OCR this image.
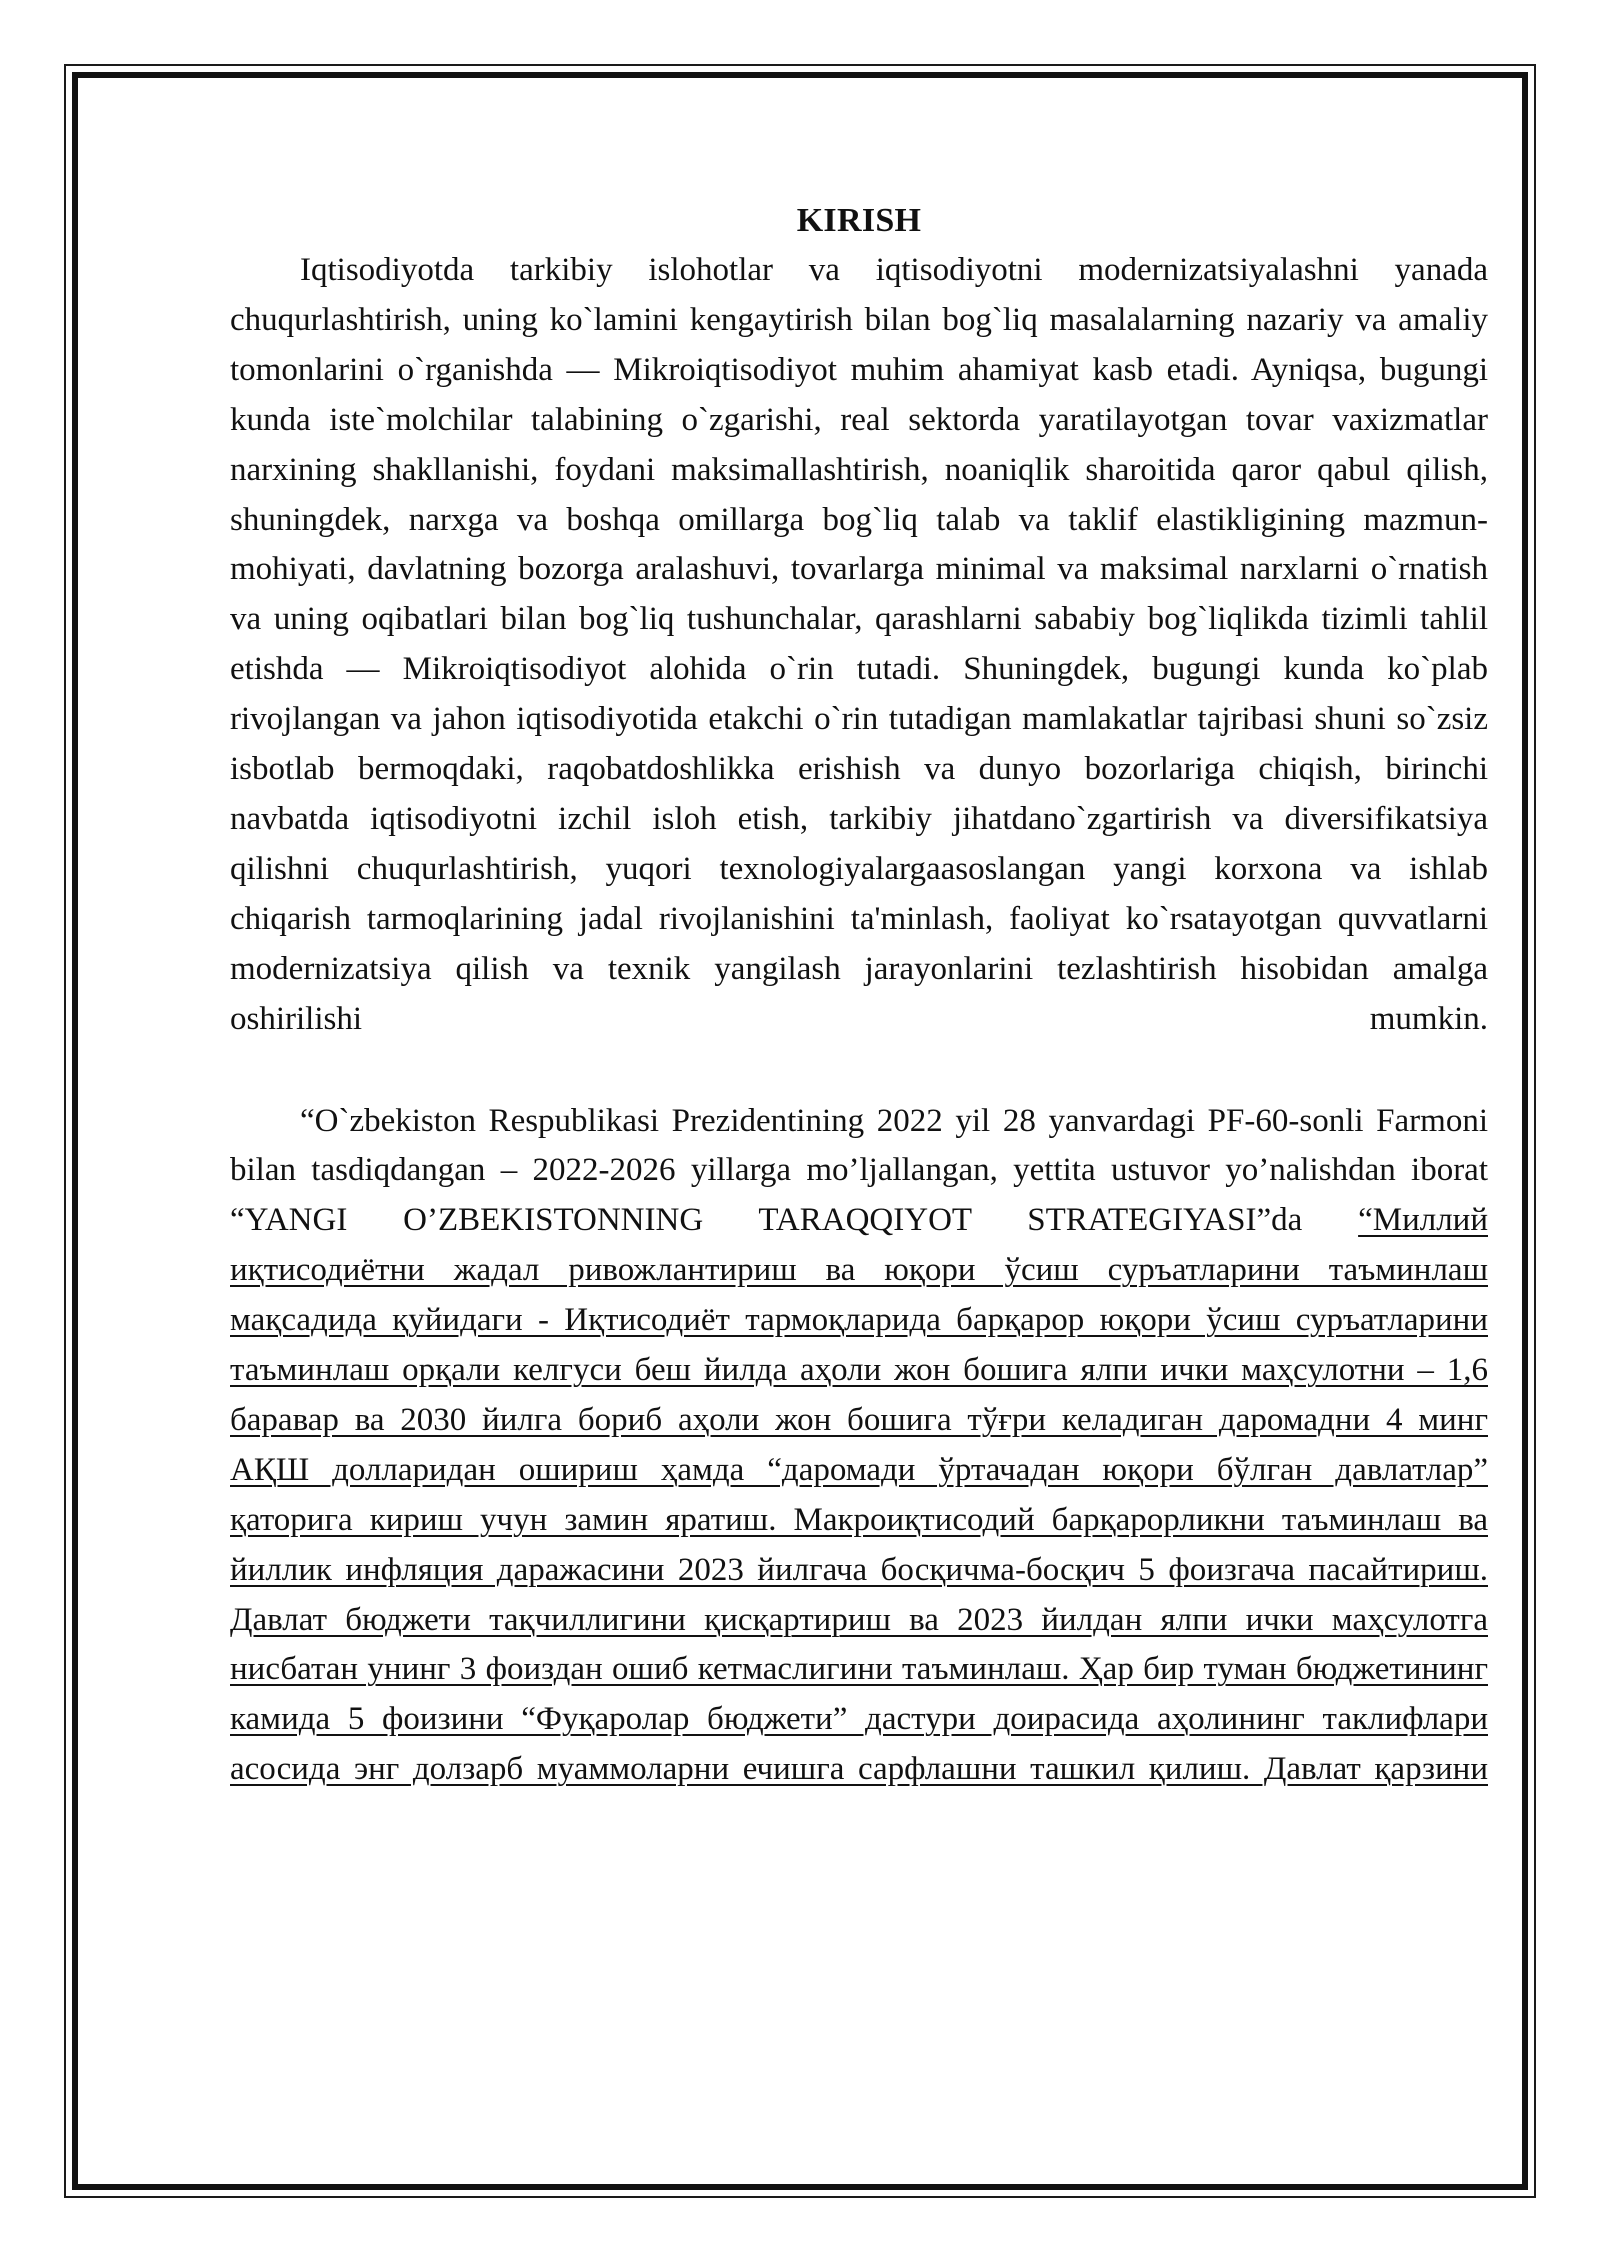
KIRISH

Iqtisodiyotda tarkibiy islohotlar va iqtisodiyotni modernizatsiyalashni yanada chuqurlashtirish, uning ko`lamini kengaytirish bilan bog`liq masalalarning nazariy va amaliy tomonlarini o`rganishda — Mikroiqtisodiyot muhim ahamiyat kasb etadi. Ayniqsa, bugungi kunda iste`molchilar talabining o`zgarishi, real sektorda yaratilayotgan tovar vaxizmatlar narxining shakllanishi, foydani maksimallashtirish, noaniqlik sharoitida qaror qabul qilish, shuningdek, narxga va boshqa omillarga bog`liq talab va taklif elastikligining mazmun-mohiyati, davlatning bozorga aralashuvi, tovarlarga minimal va maksimal narxlarni o`rnatish va uning oqibatlari bilan bog`liq tushunchalar, qarashlarni sababiy bog`liqlikda tizimli tahlil etishda — Mikroiqtisodiyot alohida o`rin tutadi. Shuningdek, bugungi kunda ko`plab rivojlangan va jahon iqtisodiyotida etakchi o`rin tutadigan mamlakatlar tajribasi shuni so`zsiz isbotlab bermoqdaki, raqobatdoshlikka erishish va dunyo bozorlariga chiqish, birinchi navbatda iqtisodiyotni izchil isloh etish, tarkibiy jihatdano`zgartirish va diversifikatsiya qilishni chuqurlashtirish, yuqori texnologiyalargaasoslangan yangi korxona va ishlab chiqarish tarmoqlarining jadal rivojlanishini ta'minlash, faoliyat ko`rsatayotgan quvvatlarni modernizatsiya qilish va texnik yangilash jarayonlarini tezlashtirish hisobidan amalga oshirilishi mumkin.

“O`zbekiston Respublikasi Prezidentining 2022 yil 28 yanvardagi PF-60-sonli Farmoni bilan tasdiqdangan – 2022-2026 yillarga mo’ljallangan, yettita ustuvor yo’nalishdan iborat “YANGI O’ZBEKISTONNING TARAQQIYOT STRATEGIYASI”da “Миллий иқтисодиётни жадал ривожлантириш ва юқори ўсиш суръатларини таъминлаш мақсадида қуйидаги - Иқтисодиёт тармоқларида барқарор юқори ўсиш суръатларини таъминлаш орқали келгуси беш йилда аҳоли жон бошига ялпи ички маҳсулотни – 1,6 баравар ва 2030 йилга бориб аҳоли жон бошига тўғри келадиган даромадни 4 минг АҚШ долларидан ошириш ҳамда “даромади ўртачадан юқори бўлган давлатлар” қаторига кириш учун замин яратиш. Макроиқтисодий барқарорликни таъминлаш ва йиллик инфляция даражасини 2023 йилгача босқичма-босқич 5 фоизгача пасайтириш. Давлат бюджети тақчиллигини қисқартириш ва 2023 йилдан ялпи ички маҳсулотга нисбатан унинг 3 фоиздан ошиб кетмаслигини таъминлаш. Ҳар бир туман бюджетининг камида 5 фоизини “Фуқаролар бюджети” дастури доирасида аҳолининг таклифлари асосида энг долзарб муаммоларни ечишга сарфлашни ташкил қилиш. Давлат қарзини
